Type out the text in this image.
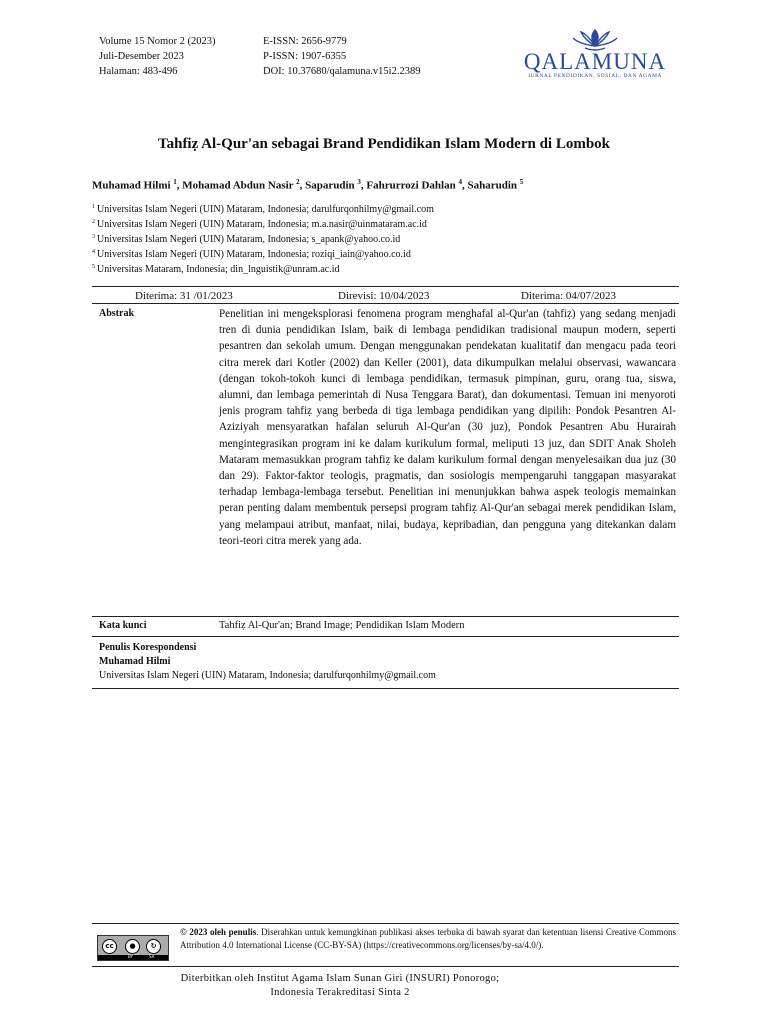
Volume 15 Nomor 2 (2023)
Juli-Desember 2023
Halaman: 483-496
E-ISSN: 2656-9779
P-ISSN: 1907-6355
DOI: 10.37680/qalamuna.v15i2.2389	QALAMUNA
JURNAL PENDIDIKAN, SOSIAL, DAN AGAMA
Tahfiẓ Al-Qur'an sebagai Brand Pendidikan Islam Modern di Lombok
Muhamad Hilmi $^1$, Mohamad Abdun Nasir $^2$, Saparudin $^3$, Fahrurrozi Dahlan $^4$, Saharudin $^5$
$^1$ Universitas Islam Negeri (UIN) Mataram, Indonesia; darulfurqonhilmy@gmail.com
$^2$ Universitas Islam Negeri (UIN) Mataram, Indonesia; m.a.nasir@uinmataram.ac.id
$^3$ Universitas Islam Negeri (UIN) Mataram, Indonesia; s_apank@yahoo.co.id
$^4$ Universitas Islam Negeri (UIN) Mataram, Indonesia; roziqi_iain@yahoo.co.id
$^5$ Universitas Mataram, Indonesia; din_lnguistik@unram.ac.id
Diterima: 31 /01/2023	Direvisi: 10/04/2023	Diterima: 04/07/2023
Abstrak	Penelitian ini mengeksplorasi fenomena program menghafal al-Qur'an (tahfiẓ) yang sedang menjadi tren di dunia pendidikan Islam, baik di lembaga pendidikan tradisional maupun modern, seperti pesantren dan sekolah umum. Dengan menggunakan pendekatan kualitatif dan mengacu pada teori citra merek dari Kotler (2002) dan Keller (2001), data dikumpulkan melalui observasi, wawancara (dengan tokoh-tokoh kunci di lembaga pendidikan, termasuk pimpinan, guru, orang tua, siswa, alumni, dan lembaga pemerintah di Nusa Tenggara Barat), dan dokumentasi. Temuan ini menyoroti jenis program tahfiẓ yang berbeda di tiga lembaga pendidikan yang dipilih: Pondok Pesantren Al-Aziziyah mensyaratkan hafalan seluruh Al-Qur'an (30 juz), Pondok Pesantren Abu Hurairah mengintegrasikan program ini ke dalam kurikulum formal, meliputi 13 juz, dan SDIT Anak Sholeh Mataram memasukkan program tahfiẓ ke dalam kurikulum formal dengan menyelesaikan dua juz (30 dan 29). Faktor-faktor teologis, pragmatis, dan sosiologis mempengaruhi tanggapan masyarakat terhadap lembaga-lembaga tersebut. Penelitian ini menunjukkan bahwa aspek teologis memainkan peran penting dalam membentuk persepsi program tahfiẓ Al-Qur'an sebagai merek pendidikan Islam, yang melampaui atribut, manfaat, nilai, budaya, kepribadian, dan pengguna yang ditekankan dalam teori-teori citra merek yang ada.
Kata kunci	Tahfiẓ Al-Qur'an; Brand Image; Pendidikan Islam Modern
Penulis Korespondensi
Muhamad Hilmi
Universitas Islam Negeri (UIN) Mataram, Indonesia; darulfurqonhilmy@gmail.com
cc	●	↻
BY	SA
© 2023 oleh penulis. Diserahkan untuk kemungkinan publikasi akses terbuka di bawah syarat dan ketentuan lisensi Creative Commons Attribution 4.0 International License (CC-BY-SA) (https://creativecommons.org/licenses/by-sa/4.0/).
Diterbitkan oleh Institut Agama Islam Sunan Giri (INSURI) Ponorogo;
Indonesia Terakreditasi Sinta 2
